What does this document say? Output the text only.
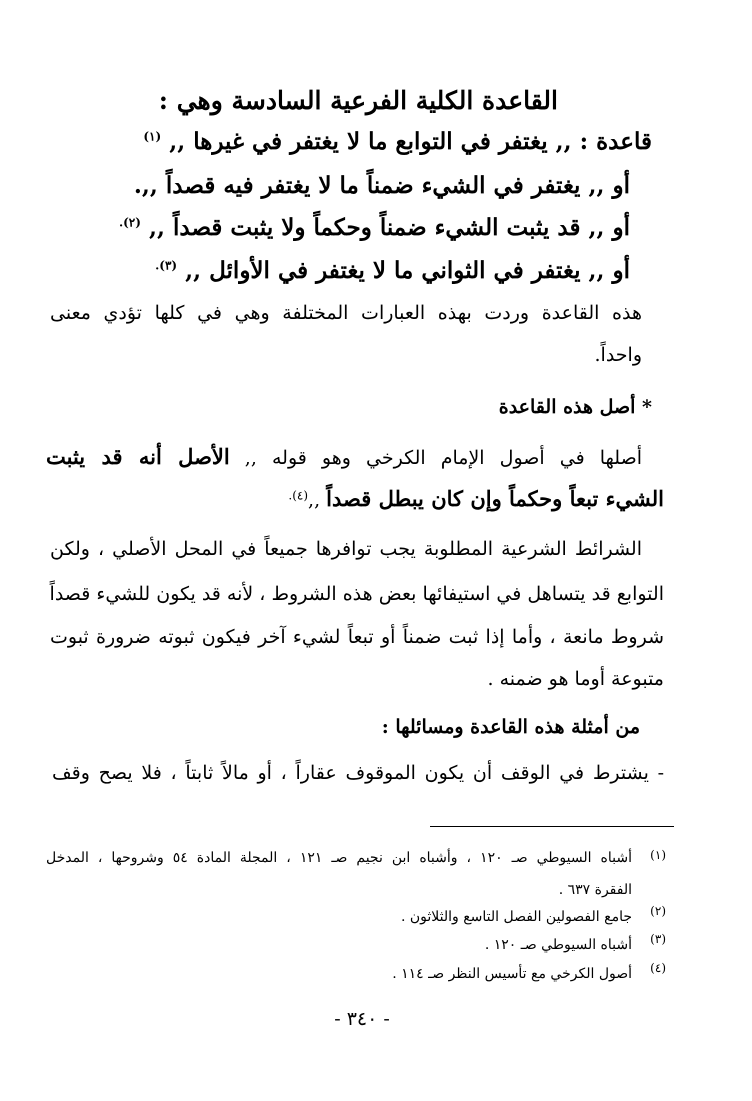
القاعدة الكلية الفرعية السادسة وهي :
قاعدة : ,, يغتفر في التوابع ما لا يغتفر في غيرها ,, $^{(١)}$
أو ,, يغتفر في الشيء ضمناً ما لا يغتفر فيه قصداً ,,.
أو ,, قد يثبت الشيء ضمناً وحكماً ولا يثبت قصداً ,, $^{(٢).}$
أو ,, يغتفر في الثواني ما لا يغتفر في الأوائل ,, $^{(٣).}$
هذه القاعدة وردت بهذه العبارات المختلفة وهي في كلها تؤدي معنى
واحداً.
* أصل هذه القاعدة
أصلها في أصول الإمام الكرخي وهو قوله ,, الأصل أنه قد يثبت
الشيء تبعاً وحكماً وإن كان يبطل قصداً ,,$^{(٤).}$
الشرائط الشرعية المطلوبة يجب توافرها جميعاً في المحل الأصلي ، ولكن
التوابع قد يتساهل في استيفائها بعض هذه الشروط ، لأنه قد يكون للشيء قصداً
شروط مانعة ، وأما إذا ثبت ضمناً أو تبعاً لشيء آخر فيكون ثبوته ضرورة ثبوت
متبوعة أوما هو ضمنه .
من أمثلة هذه القاعدة ومسائلها :
- يشترط في الوقف أن يكون الموقوف عقاراً ، أو مالاً ثابتاً ، فلا يصح وقف
(١)
أشباه السيوطي صـ ١٢٠ ، وأشباه ابن نجيم صـ ١٢١ ، المجلة المادة ٥٤ وشروحها ، المدخل
الفقرة ٦٣٧ .
(٢)
جامع الفصولين الفصل التاسع والثلاثون .
(٣)
أشباه السيوطي صـ ١٢٠ .
(٤)
أصول الكرخي مع تأسيس النظر صـ ١١٤ .
- ٣٤٠ -
